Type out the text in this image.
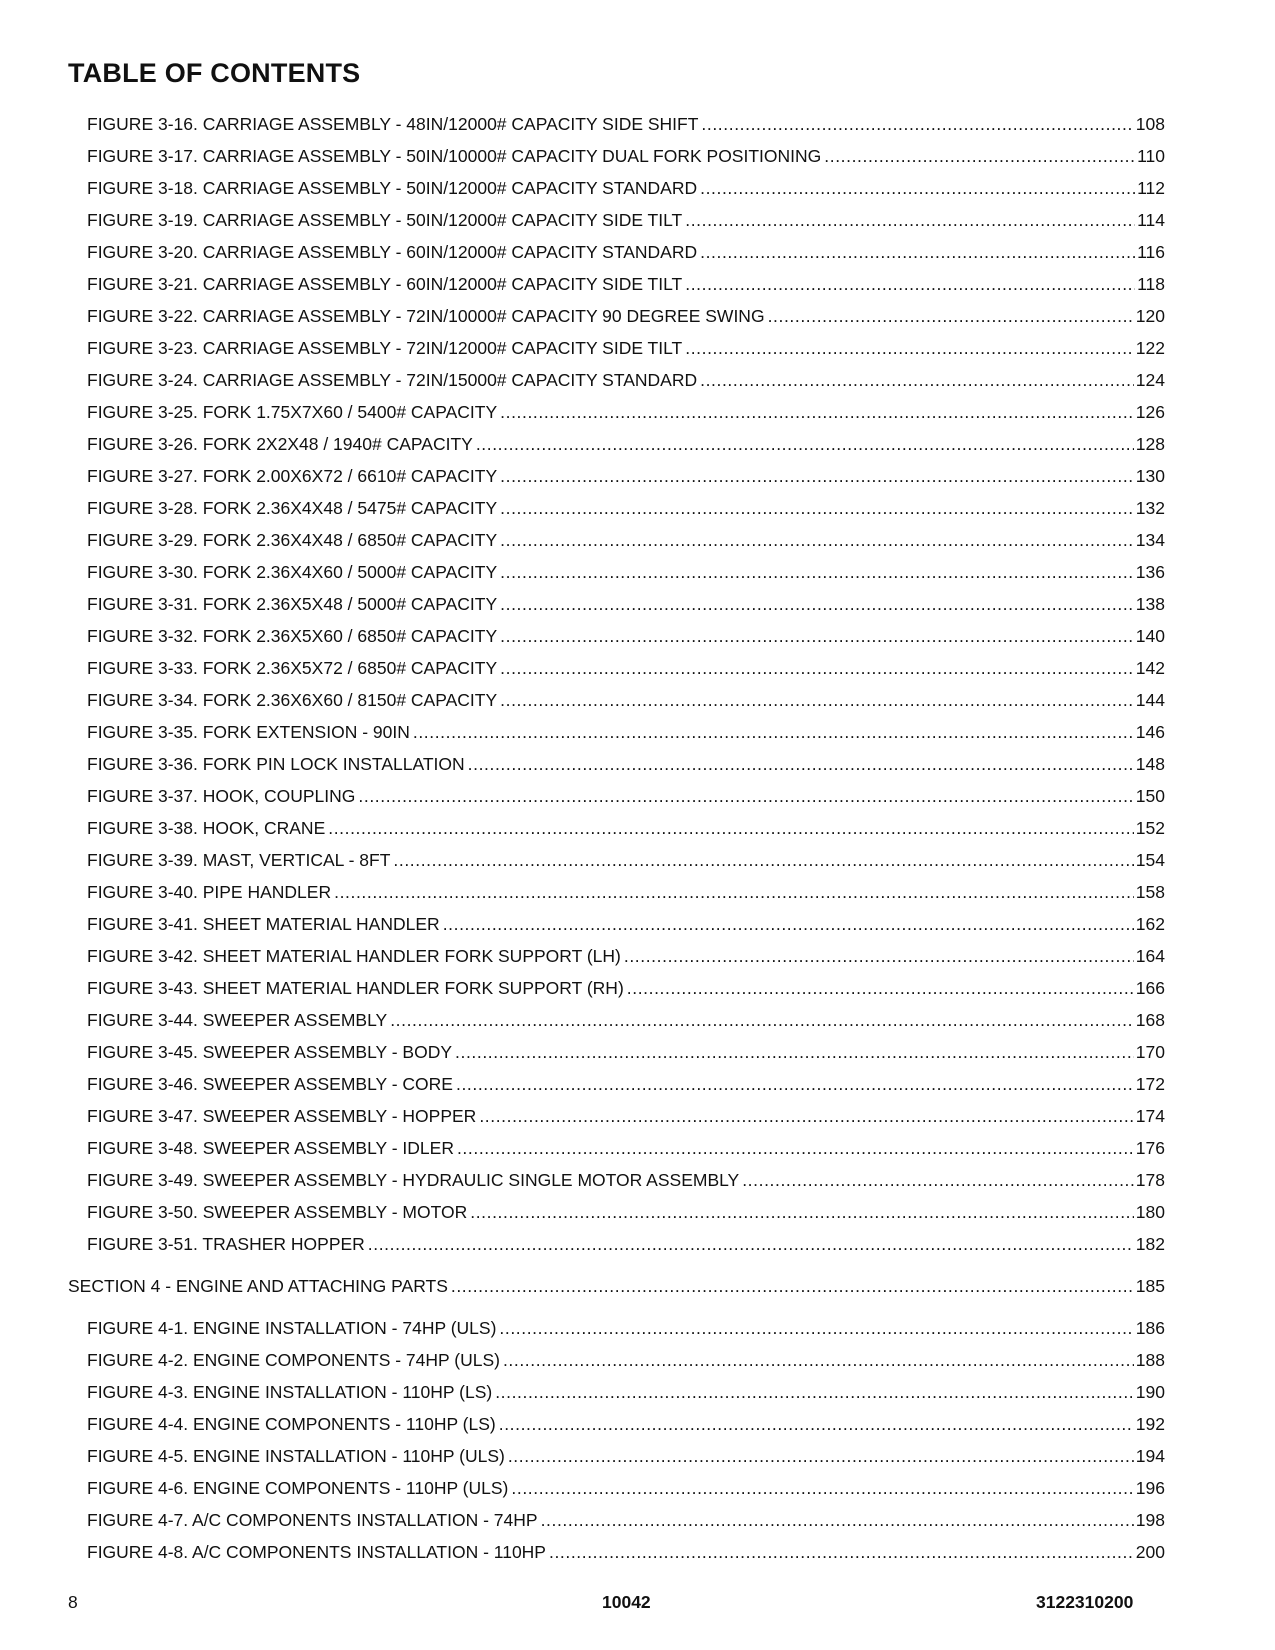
TABLE OF CONTENTS
FIGURE 3-16. CARRIAGE ASSEMBLY - 48IN/12000# CAPACITY SIDE SHIFT .....	108
FIGURE 3-17. CARRIAGE ASSEMBLY - 50IN/10000# CAPACITY DUAL FORK POSITIONING .....	110
FIGURE 3-18. CARRIAGE ASSEMBLY - 50IN/12000# CAPACITY STANDARD .....	112
FIGURE 3-19. CARRIAGE ASSEMBLY - 50IN/12000# CAPACITY SIDE TILT .....	114
FIGURE 3-20. CARRIAGE ASSEMBLY - 60IN/12000# CAPACITY STANDARD .....	116
FIGURE 3-21. CARRIAGE ASSEMBLY - 60IN/12000# CAPACITY SIDE TILT .....	118
FIGURE 3-22. CARRIAGE ASSEMBLY - 72IN/10000# CAPACITY 90 DEGREE SWING .....	120
FIGURE 3-23. CARRIAGE ASSEMBLY - 72IN/12000# CAPACITY SIDE TILT .....	122
FIGURE 3-24. CARRIAGE ASSEMBLY - 72IN/15000# CAPACITY STANDARD .....	124
FIGURE 3-25. FORK 1.75X7X60 / 5400# CAPACITY .....	126
FIGURE 3-26. FORK 2X2X48 / 1940# CAPACITY .....	128
FIGURE 3-27. FORK 2.00X6X72 / 6610# CAPACITY .....	130
FIGURE 3-28. FORK 2.36X4X48 / 5475# CAPACITY .....	132
FIGURE 3-29. FORK 2.36X4X48 / 6850# CAPACITY .....	134
FIGURE 3-30. FORK 2.36X4X60 / 5000# CAPACITY .....	136
FIGURE 3-31. FORK 2.36X5X48 / 5000# CAPACITY .....	138
FIGURE 3-32. FORK 2.36X5X60 / 6850# CAPACITY .....	140
FIGURE 3-33. FORK 2.36X5X72 / 6850# CAPACITY .....	142
FIGURE 3-34. FORK 2.36X6X60 / 8150# CAPACITY .....	144
FIGURE 3-35. FORK EXTENSION - 90IN .....	146
FIGURE 3-36. FORK PIN LOCK INSTALLATION .....	148
FIGURE 3-37. HOOK, COUPLING .....	150
FIGURE 3-38. HOOK, CRANE .....	152
FIGURE 3-39. MAST, VERTICAL - 8FT .....	154
FIGURE 3-40. PIPE HANDLER .....	158
FIGURE 3-41. SHEET MATERIAL HANDLER .....	162
FIGURE 3-42. SHEET MATERIAL HANDLER FORK SUPPORT (LH) .....	164
FIGURE 3-43. SHEET MATERIAL HANDLER FORK SUPPORT (RH) .....	166
FIGURE 3-44. SWEEPER ASSEMBLY .....	168
FIGURE 3-45. SWEEPER ASSEMBLY - BODY .....	170
FIGURE 3-46. SWEEPER ASSEMBLY - CORE .....	172
FIGURE 3-47. SWEEPER ASSEMBLY - HOPPER .....	174
FIGURE 3-48. SWEEPER ASSEMBLY - IDLER .....	176
FIGURE 3-49. SWEEPER ASSEMBLY - HYDRAULIC SINGLE MOTOR ASSEMBLY .....	178
FIGURE 3-50. SWEEPER ASSEMBLY - MOTOR .....	180
FIGURE 3-51. TRASHER HOPPER .....	182
SECTION 4 - ENGINE AND ATTACHING PARTS .....	185
FIGURE 4-1. ENGINE INSTALLATION - 74HP (ULS) .....	186
FIGURE 4-2. ENGINE COMPONENTS - 74HP (ULS) .....	188
FIGURE 4-3. ENGINE INSTALLATION - 110HP (LS) .....	190
FIGURE 4-4. ENGINE COMPONENTS - 110HP (LS) .....	192
FIGURE 4-5. ENGINE INSTALLATION - 110HP (ULS) .....	194
FIGURE 4-6. ENGINE COMPONENTS - 110HP (ULS) .....	196
FIGURE 4-7. A/C COMPONENTS INSTALLATION - 74HP .....	198
FIGURE 4-8. A/C COMPONENTS INSTALLATION - 110HP .....	200
8	10042	3122310200
